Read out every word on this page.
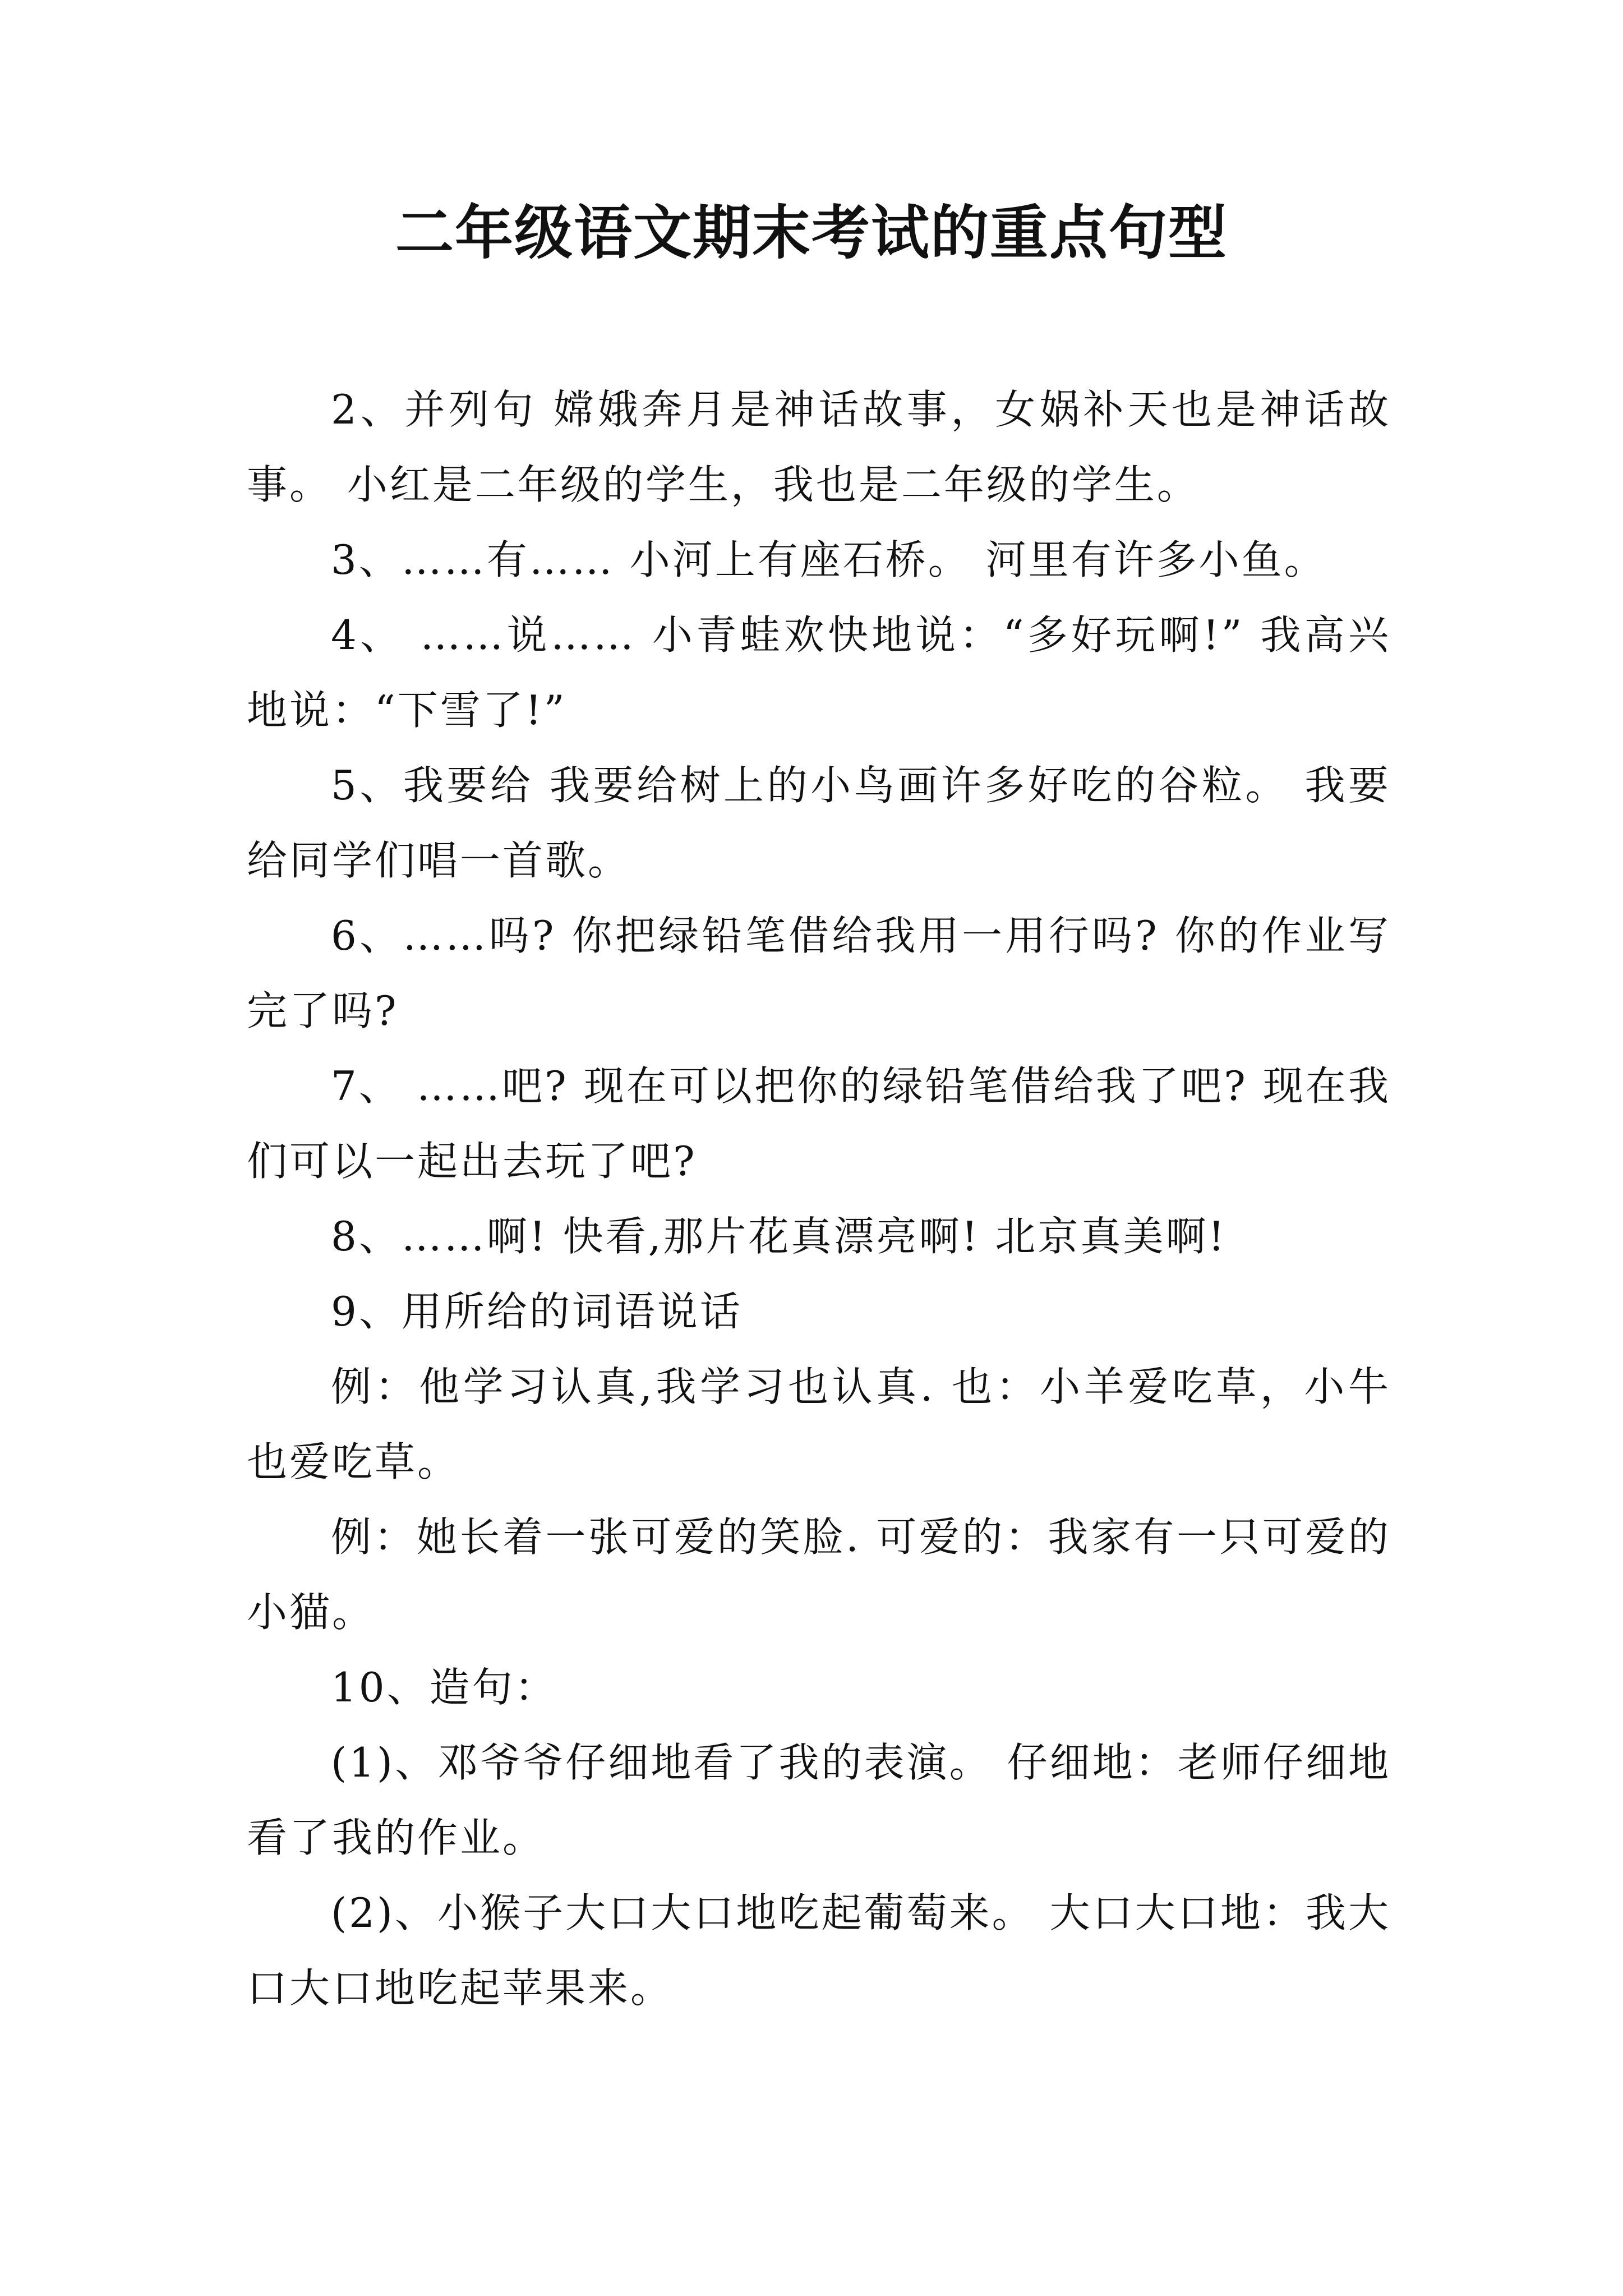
二年级语文期末考试的重点句型

2、并列句 嫦娥奔月是神话故事，女娲补天也是神话故事。 小红是二年级的学生，我也是二年级的学生。

3、……有…… 小河上有座石桥。 河里有许多小鱼。

4、 ……说…… 小青蛙欢快地说：“多好玩啊!” 我高兴地说：“下雪了!”

5、我要给 我要给树上的小鸟画许多好吃的谷粒。 我要给同学们唱一首歌。

6、……吗? 你把绿铅笔借给我用一用行吗? 你的作业写完了吗?

7、 ……吧? 现在可以把你的绿铅笔借给我了吧? 现在我们可以一起出去玩了吧?

8、……啊! 快看,那片花真漂亮啊! 北京真美啊!

9、用所给的词语说话

例：他学习认真,我学习也认真. 也：小羊爱吃草，小牛也爱吃草。

例：她长着一张可爱的笑脸. 可爱的：我家有一只可爱的小猫。

10、造句：

(1)、邓爷爷仔细地看了我的表演。 仔细地：老师仔细地看了我的作业。

(2)、小猴子大口大口地吃起葡萄来。 大口大口地：我大口大口地吃起苹果来。
